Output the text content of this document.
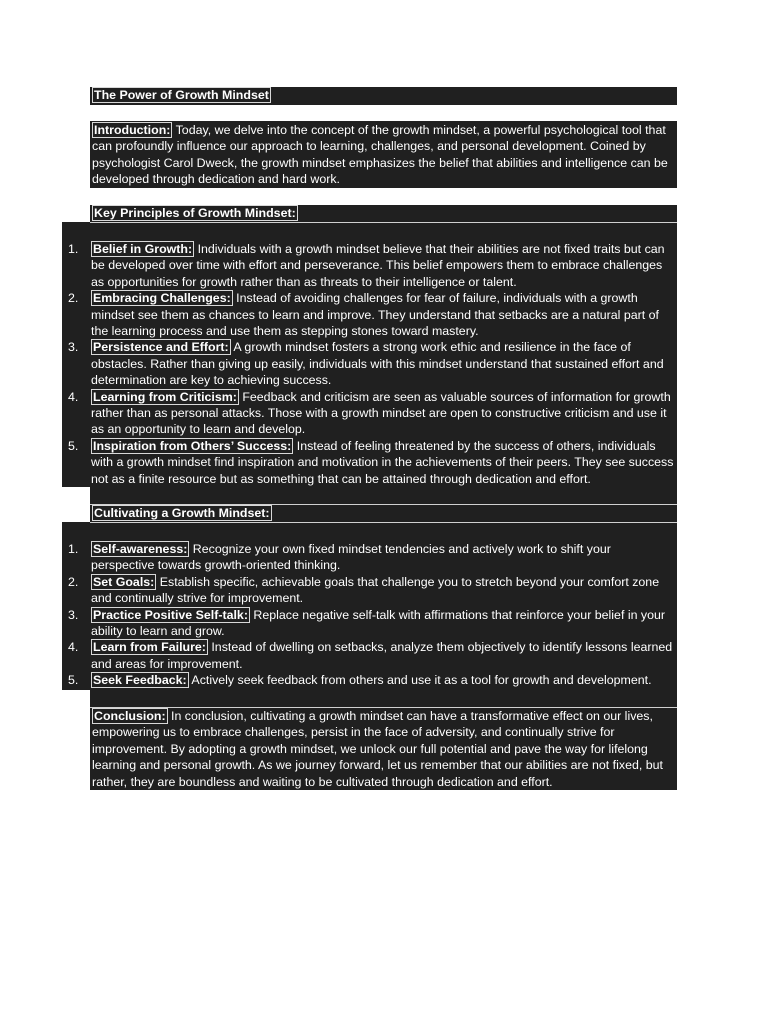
The Power of Growth Mindset
Introduction: Today, we delve into the concept of the growth mindset, a powerful psychological tool that can profoundly influence our approach to learning, challenges, and personal development. Coined by psychologist Carol Dweck, the growth mindset emphasizes the belief that abilities and intelligence can be developed through dedication and hard work.
Key Principles of Growth Mindset:
1. Belief in Growth: Individuals with a growth mindset believe that their abilities are not fixed traits but can be developed over time with effort and perseverance. This belief empowers them to embrace challenges as opportunities for growth rather than as threats to their intelligence or talent.
2. Embracing Challenges: Instead of avoiding challenges for fear of failure, individuals with a growth mindset see them as chances to learn and improve. They understand that setbacks are a natural part of the learning process and use them as stepping stones toward mastery.
3. Persistence and Effort: A growth mindset fosters a strong work ethic and resilience in the face of obstacles. Rather than giving up easily, individuals with this mindset understand that sustained effort and determination are key to achieving success.
4. Learning from Criticism: Feedback and criticism are seen as valuable sources of information for growth rather than as personal attacks. Those with a growth mindset are open to constructive criticism and use it as an opportunity to learn and develop.
5. Inspiration from Others’ Success: Instead of feeling threatened by the success of others, individuals with a growth mindset find inspiration and motivation in the achievements of their peers. They see success not as a finite resource but as something that can be attained through dedication and effort.
Cultivating a Growth Mindset:
1. Self-awareness: Recognize your own fixed mindset tendencies and actively work to shift your perspective towards growth-oriented thinking.
2. Set Goals: Establish specific, achievable goals that challenge you to stretch beyond your comfort zone and continually strive for improvement.
3. Practice Positive Self-talk: Replace negative self-talk with affirmations that reinforce your belief in your ability to learn and grow.
4. Learn from Failure: Instead of dwelling on setbacks, analyze them objectively to identify lessons learned and areas for improvement.
5. Seek Feedback: Actively seek feedback from others and use it as a tool for growth and development.
Conclusion: In conclusion, cultivating a growth mindset can have a transformative effect on our lives, empowering us to embrace challenges, persist in the face of adversity, and continually strive for improvement. By adopting a growth mindset, we unlock our full potential and pave the way for lifelong learning and personal growth. As we journey forward, let us remember that our abilities are not fixed, but rather, they are boundless and waiting to be cultivated through dedication and effort.
